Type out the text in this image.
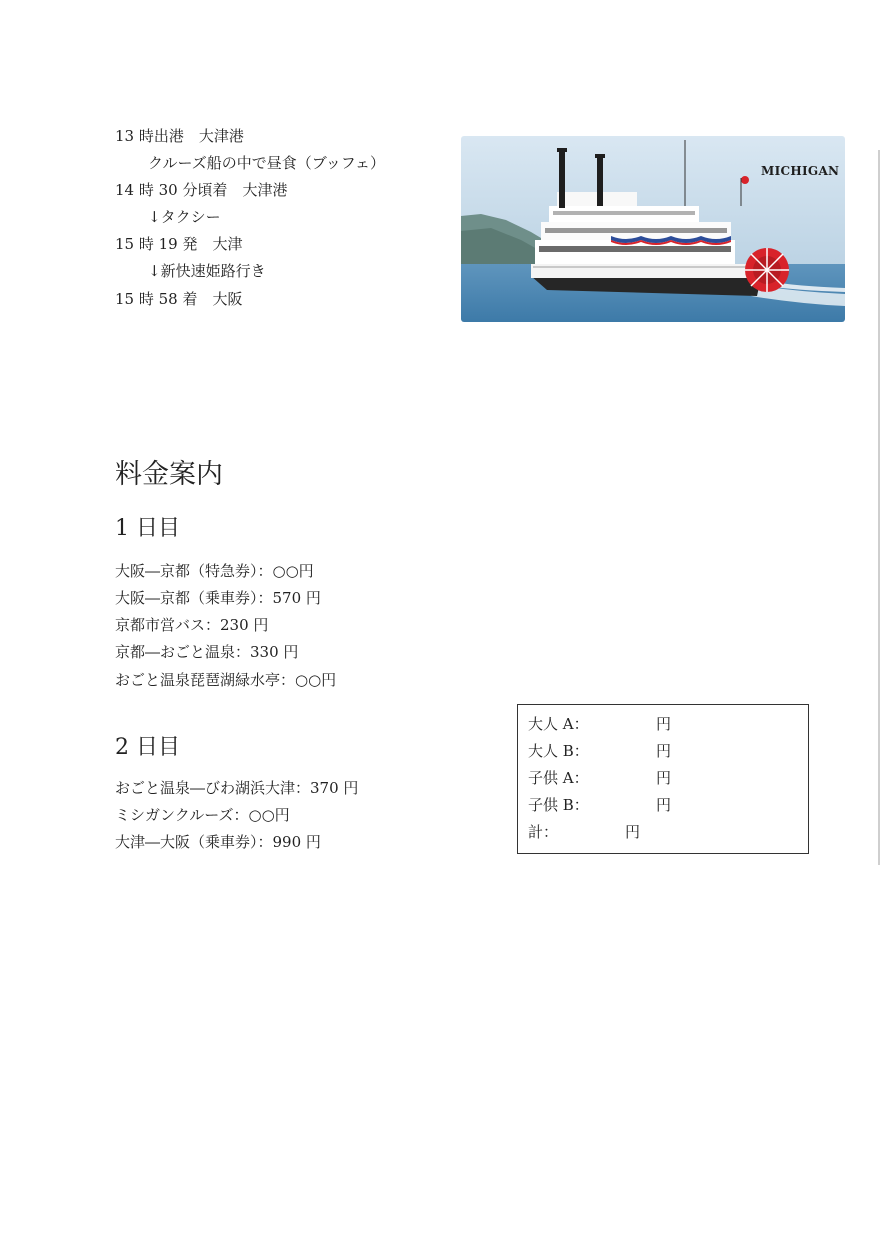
13 時出港　大津港
クルーズ船の中で昼食（ブッフェ）
14 時 30 分頃着　大津港
↓タクシー
15 時 19 発　大津
↓新快速姫路行き
15 時 58 着　大阪
MICHIGAN
料金案内
1 日目
大阪―京都（特急券）：○○円
大阪―京都（乗車券）：570 円
京都市営バス：230 円
京都―おごと温泉：330 円
おごと温泉琵琶湖緑水亭：○○円
2 日目
おごと温泉―びわ湖浜大津：370 円
ミシガンクルーズ：○○円
大津―大阪（乗車券）：990 円
大人 A：	円
大人 B：	円
子供 A：	円
子供 B：	円
計：	円
